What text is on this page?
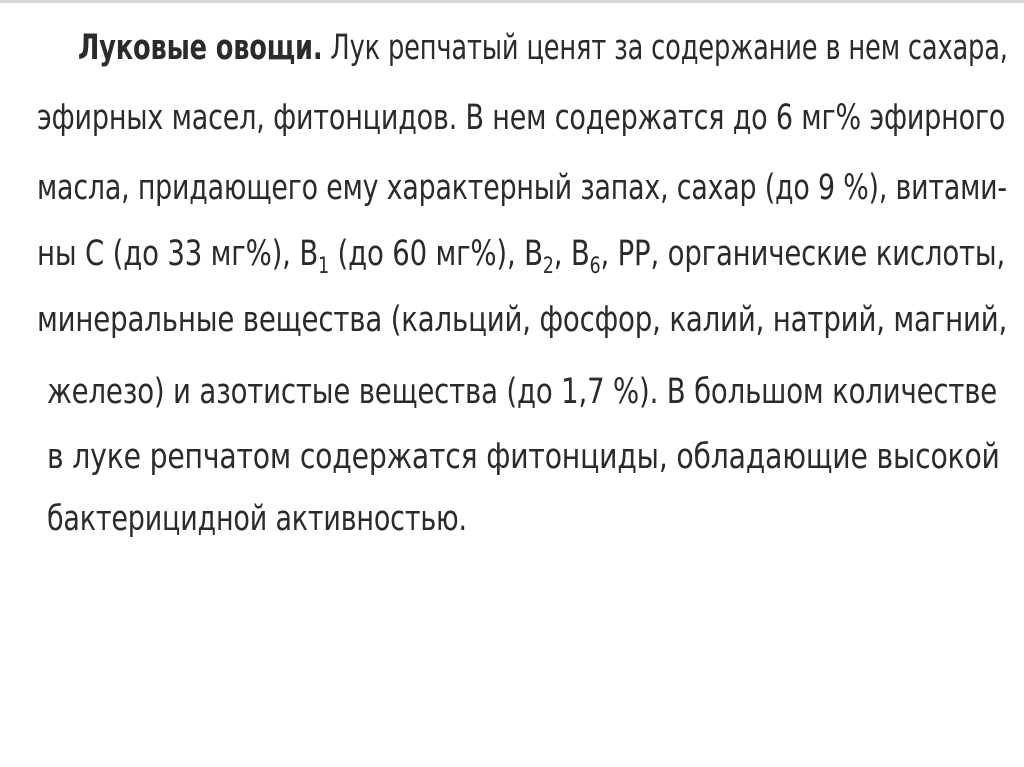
Луковые овощи. Лук репчатый ценят за содержание в нем сахара,
эфирных масел, фитонцидов. В нем содержатся до 6 мг% эфирного
масла, придающего ему характерный запах, сахар (до 9 %), витами-
ны С (до 33 мг%), $В_1$ (до 60 мг%), $В_2$, $В_6$, РР, органические кислоты,
минеральные вещества (кальций, фосфор, калий, натрий, магний,
железо) и азотистые вещества (до 1,7 %). В большом количестве
в луке репчатом содержатся фитонциды, обладающие высокой
бактерицидной активностью.
